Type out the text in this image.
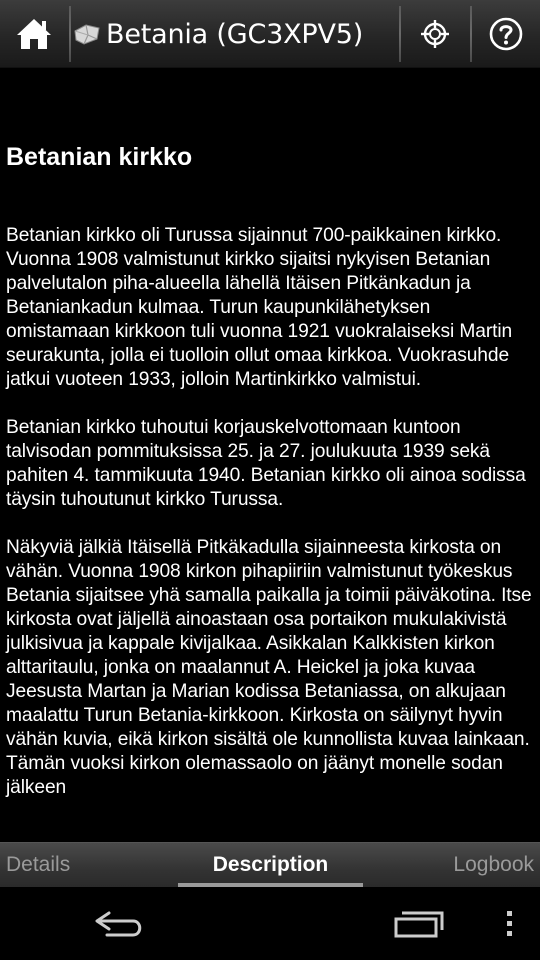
Betania (GC3XPV5)
Betanian kirkko

Betanian kirkko oli Turussa sijainnut 700-paikkainen kirkko. Vuonna 1908 valmistunut kirkko sijaitsi nykyisen Betanian palvelutalon piha-alueella lähellä Itäisen Pitkänkadun ja Betaniankadun kulmaa. Turun kaupunkilähetyksen omistamaan kirkkoon tuli vuonna 1921 vuokralaiseksi Martin seurakunta, jolla ei tuolloin ollut omaa kirkkoa. Vuokrasuhde jatkui vuoteen 1933, jolloin Martinkirkko valmistui.

Betanian kirkko tuhoutui korjauskelvottomaan kuntoon talvisodan pommituksissa 25. ja 27. joulukuuta 1939 sekä pahiten 4. tammikuuta 1940. Betanian kirkko oli ainoa sodissa täysin tuhoutunut kirkko Turussa.

Näkyviä jälkiä Itäisellä Pitkäkadulla sijainneesta kirkosta on vähän. Vuonna 1908 kirkon pihapiiriin valmistunut työkeskus Betania sijaitsee yhä samalla paikalla ja toimii päiväkotina. Itse kirkosta ovat jäljellä ainoastaan osa portaikon mukulakivistä julkisivua ja kappale kivijalkaa. Asikkalan Kalkkisten kirkon alttaritaulu, jonka on maalannut A. Heickel ja joka kuvaa Jeesusta Martan ja Marian kodissa Betaniassa, on alkujaan maalattu Turun Betania-kirkkoon. Kirkosta on säilynyt hyvin vähän kuvia, eikä kirkon sisältä ole kunnollista kuvaa lainkaan. Tämän vuoksi kirkon olemassaolo on jäänyt monelle sodan jälkeen

Details	Description	Logbook
